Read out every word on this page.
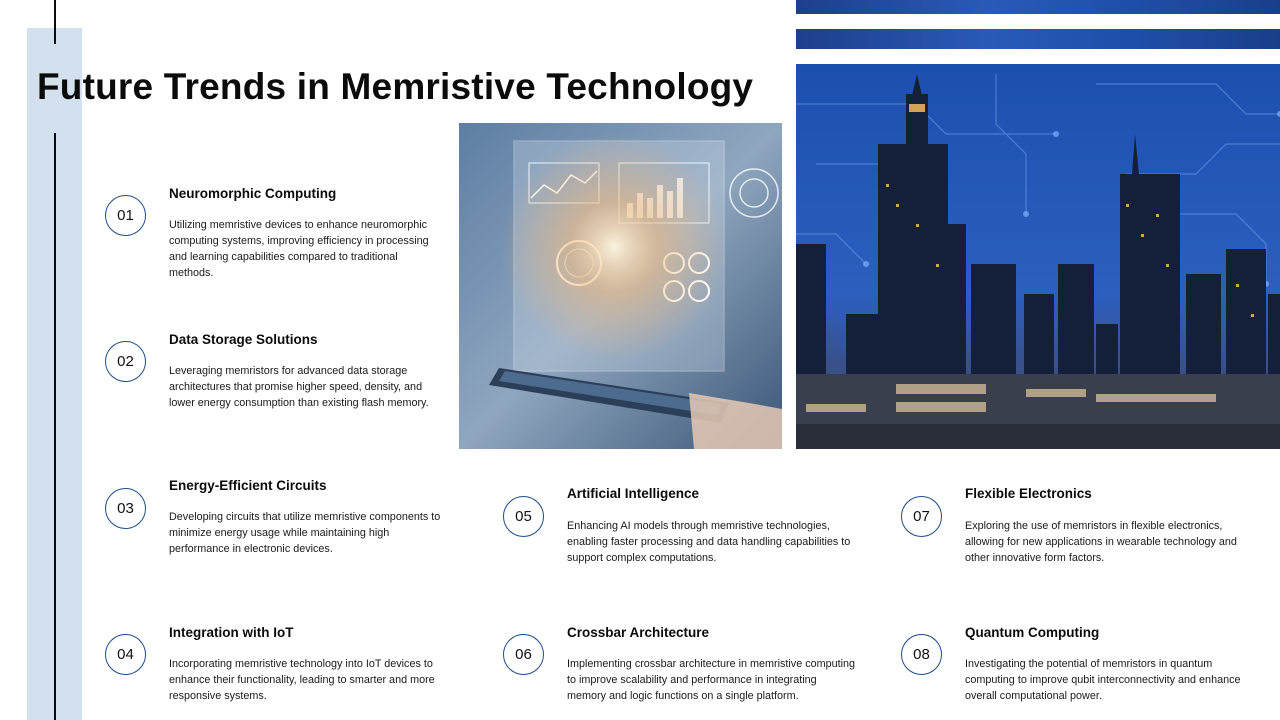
Future Trends in Memristive Technology
01
Neuromorphic Computing

Utilizing memristive devices to enhance neuromorphic computing systems, improving efficiency in processing and learning capabilities compared to traditional methods.

02
Data Storage Solutions

Leveraging memristors for advanced data storage architectures that promise higher speed, density, and lower energy consumption than existing flash memory.

03
Energy-Efficient Circuits

Developing circuits that utilize memristive components to minimize energy usage while maintaining high performance in electronic devices.

04
Integration with IoT

Incorporating memristive technology into IoT devices to enhance their functionality, leading to smarter and more responsive systems.

05
Artificial Intelligence

Enhancing AI models through memristive technologies, enabling faster processing and data handling capabilities to support complex computations.

06
Crossbar Architecture

Implementing crossbar architecture in memristive computing to improve scalability and performance in integrating memory and logic functions on a single platform.

07
Flexible Electronics

Exploring the use of memristors in flexible electronics, allowing for new applications in wearable technology and other innovative form factors.

08
Quantum Computing

Investigating the potential of memristors in quantum computing to improve qubit interconnectivity and enhance overall computational power.
